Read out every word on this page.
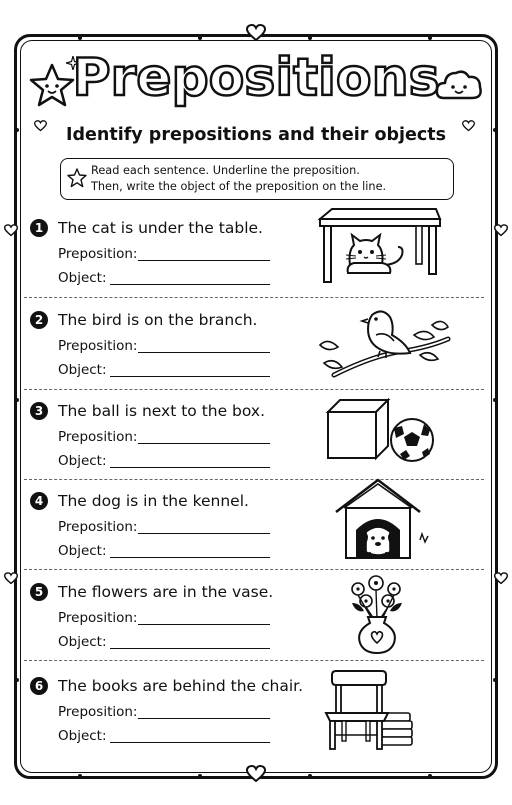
Prepositions
Identify prepositions and their objects
Read each sentence. Underline the preposition.
Then, write the object of the preposition on the line.
1 The cat is under the table.
Preposition:
Object:
2 The bird is on the branch.
Preposition:
Object:
3 The ball is next to the box.
Preposition:
Object:
4 The dog is in the kennel.
Preposition:
Object:
5 The flowers are in the vase.
Preposition:
Object:
6 The books are behind the chair.
Preposition:
Object:
